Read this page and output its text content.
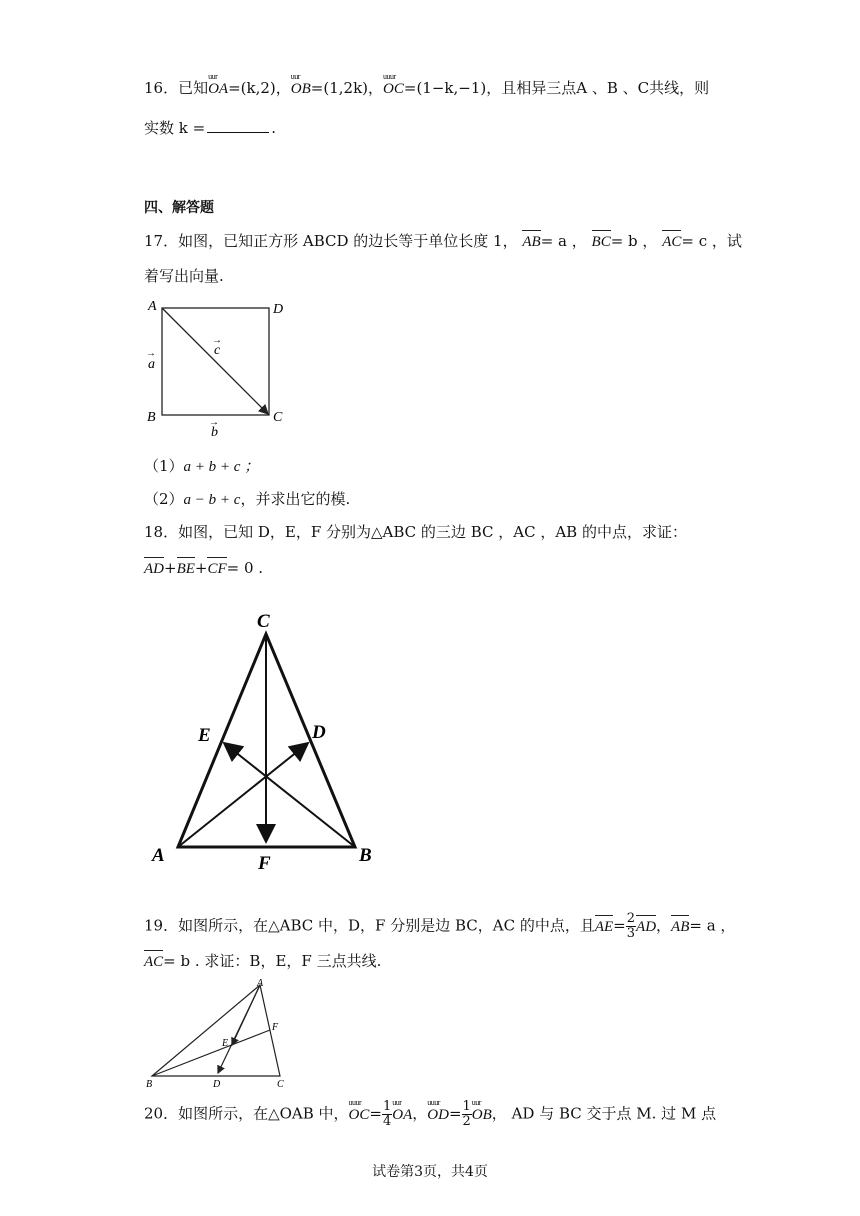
16．已知
uur
OA=(k,2)，
uur
OB=(1,2k)，
uuur
OC=(1−k,−1)，且相异三点A 、B 、C共线，则
实数 k =	.
四、解答题
17．如图，已知正方形 ABCD 的边长等于单位长度 1， AB= a ， BC= b ， AC= c ，试
着写出向量.
A	D
B	C
a
→
b
→
c
→
（1）a + b + c ；
（2）a − b + c，并求出它的模.
18．如图，已知 D，E，F 分别为△ABC 的三边 BC ，AC ，AB 的中点，求证：
AD+BE+CF= 0 .
C
E	D
A	B
F
19．如图所示，在△ABC 中，D，F 分别是边 BC，AC 的中点，且$AE= \frac{2}{3}$ AD，AB= a ，
AC= b . 求证：B，E，F 三点共线.
A
F
E
B	D	C
20．如图所示，在△OAB 中，
uuur
$OC= \frac{1}{4}$ uur
OA，
uuur
$OD= \frac{1}{2}$ uur
OB， AD 与 BC 交于点 M. 过 M 点
试卷第3页，共4页
